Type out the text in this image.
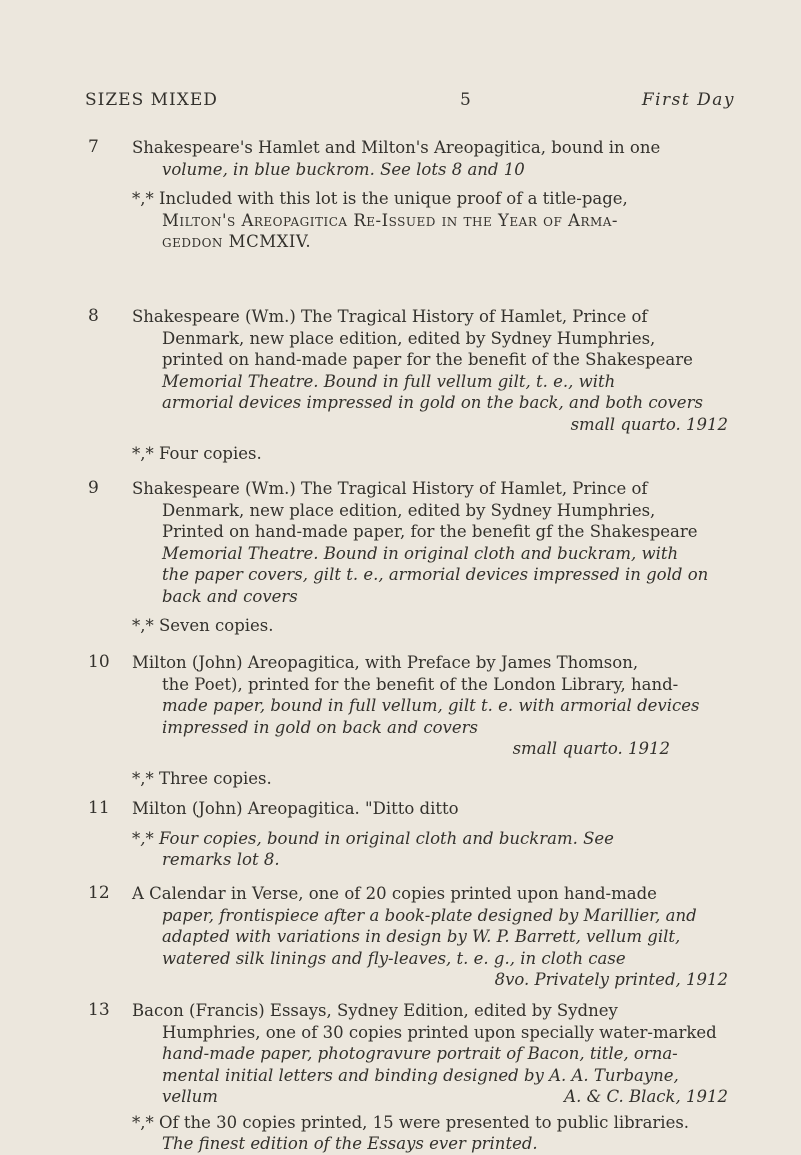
SIZES MIXED	5	First Day
7 Shakespeare's Hamlet and Milton's Areopagitica, bound in one
volume, in blue buckrom. See lots 8 and 10
*,* Included with this lot is the unique proof of a title-page,
Milton's Areopagitica Re-Issued in the Year of Arma-
geddon MCMXIV.
8 Shakespeare (Wm.) The Tragical History of Hamlet, Prince of
Denmark, new place edition, edited by Sydney Humphries,
printed on hand-made paper for the benefit of the Shakespeare
Memorial Theatre. Bound in full vellum gilt, t. e., with
armorial devices impressed in gold on the back, and both covers
small quarto. 1912
*,* Four copies.
9 Shakespeare (Wm.) The Tragical History of Hamlet, Prince of
Denmark, new place edition, edited by Sydney Humphries,
Printed on hand-made paper, for the benefit gf the Shakespeare
Memorial Theatre. Bound in original cloth and buckram, with
the paper covers, gilt t. e., armorial devices impressed in gold on
back and covers
*,* Seven copies.
10 Milton (John) Areopagitica, with Preface by James Thomson,
the Poet), printed for the benefit of the London Library, hand-
made paper, bound in full vellum, gilt t. e. with armorial devices
impressed in gold on back and covers
small quarto. 1912
*,* Three copies.
11 Milton (John) Areopagitica. "Ditto ditto
*,* Four copies, bound in original cloth and buckram. See
remarks lot 8.
12 A Calendar in Verse, one of 20 copies printed upon hand-made
paper, frontispiece after a book-plate designed by Marillier, and
adapted with variations in design by W. P. Barrett, vellum gilt,
watered silk linings and fly-leaves, t. e. g., in cloth case
8vo. Privately printed, 1912
13 Bacon (Francis) Essays, Sydney Edition, edited by Sydney
Humphries, one of 30 copies printed upon specially water-marked
hand-made paper, photogravure portrait of Bacon, title, orna-
mental initial letters and binding designed by A. A. Turbayne,
vellum	A. & C. Black, 1912
*,* Of the 30 copies printed, 15 were presented to public libraries.
The finest edition of the Essays ever printed.
